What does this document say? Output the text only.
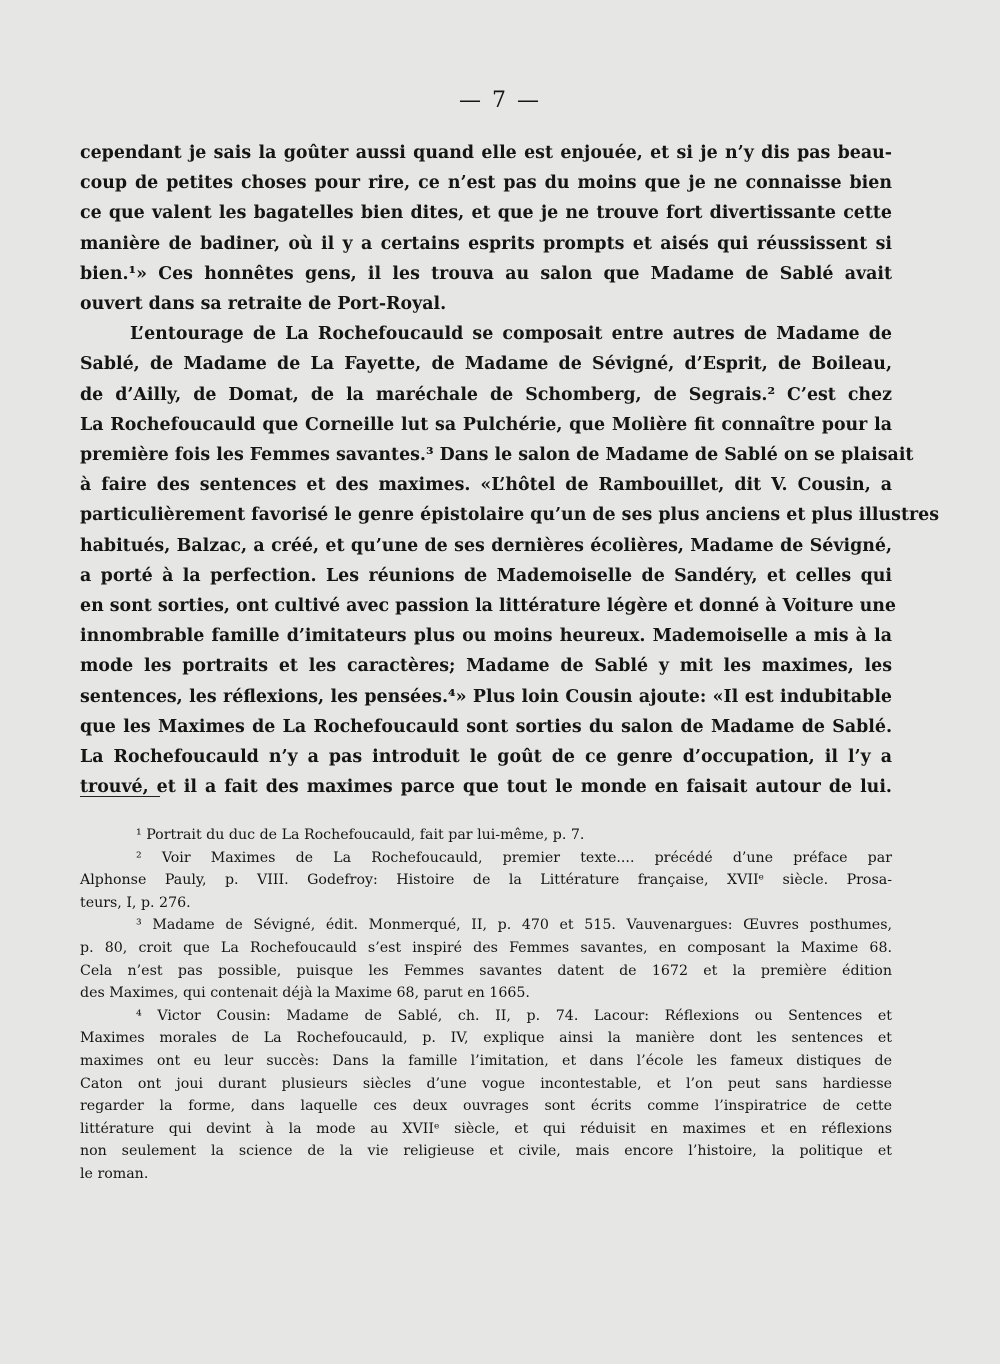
— 7 —
cependant je sais la goûter aussi quand elle est enjouée, et si je n’y dis pas beau-
coup de petites choses pour rire, ce n’est pas du moins que je ne connaisse bien
ce que valent les bagatelles bien dites, et que je ne trouve fort divertissante cette
manière de badiner, où il y a certains esprits prompts et aisés qui réussissent si
bien.¹» Ces honnêtes gens, il les trouva au salon que Madame de Sablé avait
ouvert dans sa retraite de Port-Royal.
L’entourage de La Rochefoucauld se composait entre autres de Madame de
Sablé, de Madame de La Fayette, de Madame de Sévigné, d’Esprit, de Boileau,
de d’Ailly, de Domat, de la maréchale de Schomberg, de Segrais.² C’est chez
La Rochefoucauld que Corneille lut sa Pulchérie, que Molière fit connaître pour la
première fois les Femmes savantes.³ Dans le salon de Madame de Sablé on se plaisait
à faire des sentences et des maximes. «L’hôtel de Rambouillet, dit V. Cousin, a
particulièrement favorisé le genre épistolaire qu’un de ses plus anciens et plus illustres
habitués, Balzac, a créé, et qu’une de ses dernières écolières, Madame de Sévigné,
a porté à la perfection. Les réunions de Mademoiselle de Sandéry, et celles qui
en sont sorties, ont cultivé avec passion la littérature légère et donné à Voiture une
innombrable famille d’imitateurs plus ou moins heureux. Mademoiselle a mis à la
mode les portraits et les caractères; Madame de Sablé y mit les maximes, les
sentences, les réflexions, les pensées.⁴» Plus loin Cousin ajoute: «Il est indubitable
que les Maximes de La Rochefoucauld sont sorties du salon de Madame de Sablé.
La Rochefoucauld n’y a pas introduit le goût de ce genre d’occupation, il l’y a
trouvé, et il a fait des maximes parce que tout le monde en faisait autour de lui.
¹ Portrait du duc de La Rochefoucauld, fait par lui-même, p. 7.
² Voir Maximes de La Rochefoucauld, premier texte.... précédé d’une préface par
Alphonse Pauly, p. VIII. Godefroy: Histoire de la Littérature française, XVIIᵉ siècle. Prosa-
teurs, I, p. 276.
³ Madame de Sévigné, édit. Monmerqué, II, p. 470 et 515. Vauvenargues: Œuvres posthumes,
p. 80, croit que La Rochefoucauld s’est inspiré des Femmes savantes, en composant la Maxime 68.
Cela n’est pas possible, puisque les Femmes savantes datent de 1672 et la première édition
des Maximes, qui contenait déjà la Maxime 68, parut en 1665.
⁴ Victor Cousin: Madame de Sablé, ch. II, p. 74. Lacour: Réflexions ou Sentences et
Maximes morales de La Rochefoucauld, p. IV, explique ainsi la manière dont les sentences et
maximes ont eu leur succès: Dans la famille l’imitation, et dans l’école les fameux distiques de
Caton ont joui durant plusieurs siècles d’une vogue incontestable, et l’on peut sans hardiesse
regarder la forme, dans laquelle ces deux ouvrages sont écrits comme l’inspiratrice de cette
littérature qui devint à la mode au XVIIᵉ siècle, et qui réduisit en maximes et en réflexions
non seulement la science de la vie religieuse et civile, mais encore l’histoire, la politique et
le roman.
